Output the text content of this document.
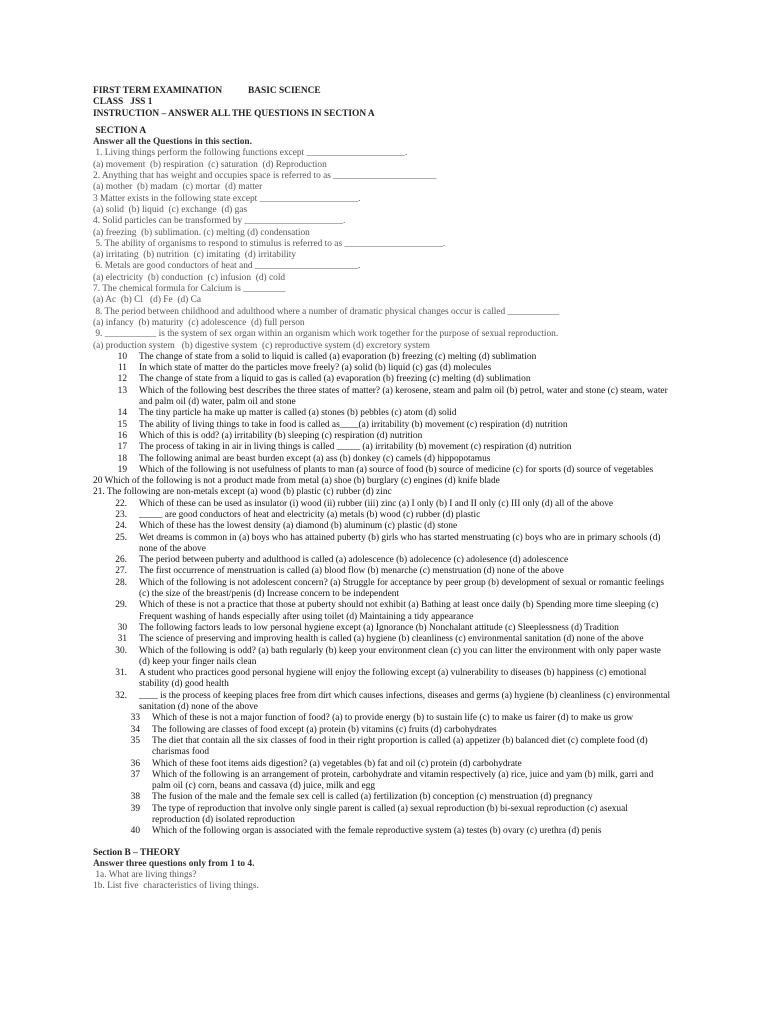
FIRST TERM EXAMINATION           BASIC SCIENCE
CLASS   JSS 1
INSTRUCTION – ANSWER ALL THE QUESTIONS IN SECTION A
SECTION A
Answer all the Questions in this section.
1. Living things perform the following functions except _____________________.
(a) movement  (b) respiration  (c) saturation  (d) Reproduction
2. Anything that has weight and occupies space is referred to as ______________________
(a) mother  (b) madam  (c) mortar  (d) matter
3 Matter exists in the following state except _____________________.
(a) solid  (b) liquid  (c) exchange  (d) gas
4. Solid particles can be transformed by _____________________.
(a) freezing  (b) sublimation. (c) melting (d) condensation
5. The ability of organisms to respond to stimulus is referred to as _____________________.
(a) irritating  (b) nutrition  (c) imitating  (d) irritability
6. Metals are good conductors of heat and ______________________.
(a) electricity  (b) conduction  (c) infusion  (d) cold
7. The chemical formula for Calcium is _________
(a) Ac  (b) Cl   (d) Fe  (d) Ca
8. The period between childhood and adulthood where a number of dramatic physical changes occur is called ___________
(a) infancy  (b) maturity  (c) adolescence  (d) full person
9. ___________ is the system of sex organ within an organism which work together for the purpose of sexual reproduction.
(a) production system   (b) digestive system  (c) reproductive system (d) excretory system
10 The change of state from a solid to liquid is called (a) evaporation (b) freezing (c) melting (d) sublimation
11 In which state of matter do the particles move freely? (a) solid (b) liquid (c) gas (d) molecules
12 The change of state from a liquid to gas is called (a) evaporation (b) freezing (c) melting (d) sublimation
13 Which of the following best describes the three states of matter? (a) kerosene, steam and palm oil (b) petrol, water and stone (c) steam, water and palm oil (d) water, palm oil and stone
14 The tiny particle ha make up matter is called (a) stones (b) pebbles (c) atom (d) solid
15 The ability of living things to take in food is called as____(a) irritability (b) movement (c) respiration (d) nutrition
16 Which of this is odd? (a) irritability (b) sleeping (c) respiration (d) nutrition
17 The process of taking in air in living things is called _____ (a) irritability (b) movement (c) respiration (d) nutrition
18 The following animal are beast burden except (a) ass (b) donkey (c) camels (d) hippopotamus
19 Which of the following is not usefulness of plants to man (a) source of food (b) source of medicine (c) for sports (d) source of vegetables
20 Which of the following is not a product made from metal (a) shoe (b) burglary (c) engines (d) knife blade
21. The following are non-metals except (a) wood (b) plastic (c) rubber (d) zinc
22. Which of these can be used as insulator (i) wood (ii) rubber (iii) zinc (a) I only (b) I and II only (c) III only (d) all of the above
23. _____ are good conductors of heat and electricity (a) metals (b) wood (c) rubber (d) plastic
24. Which of these has the lowest density (a) diamond (b) aluminum (c) plastic (d) stone
25. Wet dreams is common in (a) boys who has attained puberty (b) girls who has started menstruating (c) boys who are in primary schools (d) none of the above
26. The period between puberty and adulthood is called (a) adolescence (b) adolecence (c) adolesence (d) adolescence
27. The first occurrence of menstruation is called (a) blood flow (b) menarche (c) menstruation (d) none of the above
28. Which of the following is not adolescent concern? (a) Struggle for acceptance by peer group (b) development of sexual or romantic feelings (c) the size of the breast/penis (d) Increase concern to be independent
29. Which of these is not a practice that those at puberty should not exhibit (a) Bathing at least once daily (b) Spending more time sleeping (c) Frequent washing of hands especially after using toilet (d) Maintaining a tidy appearance
30 The following factors leads to low personal hygiene except (a) Ignorance (b) Nonchalant attitude (c) Sleeplessness (d) Tradition
31 The science of preserving and improving health is called (a) hygiene (b) cleanliness (c) environmental sanitation (d) none of the above
30. Which of the following is odd? (a) bath regularly (b) keep your environment clean (c) you can litter the environment with only paper waste (d) keep your finger nails clean
31. A student who practices good personal hygiene will enjoy the following except (a) vulnerability to diseases (b) happiness (c) emotional stability (d) good health
32. ____ is the process of keeping places free from dirt which causes infections, diseases and germs (a) hygiene (b) cleanliness (c) environmental sanitation (d) none of the above
33 Which of these is not a major function of food? (a) to provide energy (b) to sustain life (c) to make us fairer (d) to make us grow
34 The following are classes of food except (a) protein (b) vitamins (c) fruits (d) carbohydrates
35 The diet that contain all the six classes of food in their right proportion is called (a) appetizer (b) balanced diet (c) complete food (d) charismas food
36 Which of these foot items aids digestion? (a) vegetables (b) fat and oil (c) protein (d) carbohydrate
37 Which of the following is an arrangement of protein, carbohydrate and vitamin respectively (a) rice, juice and yam (b) milk, garri and palm oil (c) corn, beans and cassava (d) juice, milk and egg
38 The fusion of the male and the female sex cell is called (a) fertilization (b) conception (c) menstruation (d) pregnancy
39 The type of reproduction that involve only single parent is called (a) sexual reproduction (b) bi-sexual reproduction (c) asexual reproduction (d) isolated reproduction
40 Which of the following organ is associated with the female reproductive system (a) testes (b) ovary (c) urethra (d) penis
Section B – THEORY
Answer three questions only from 1 to 4.
1a. What are living things?
1b. List five  characteristics of living things.
